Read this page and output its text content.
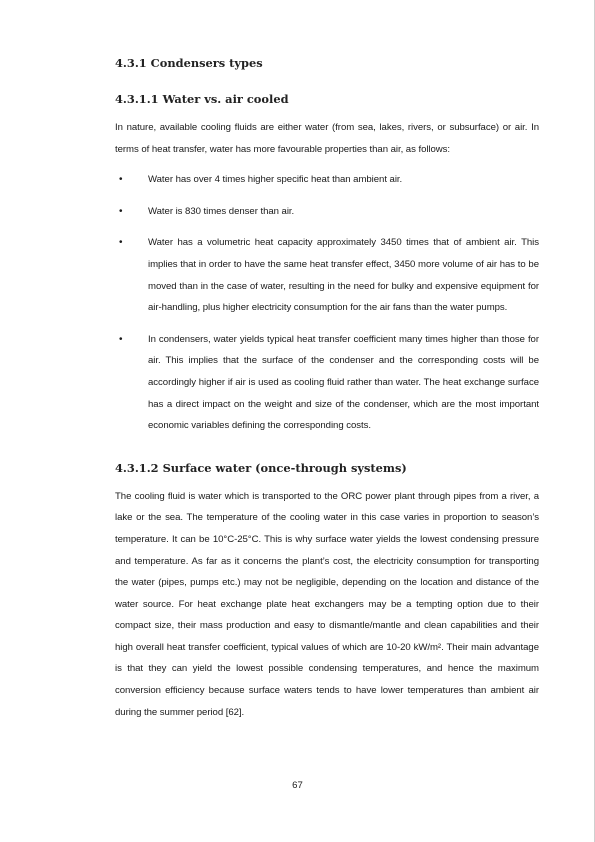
4.3.1 Condensers types
4.3.1.1 Water vs. air cooled

In nature, available cooling fluids are either water (from sea, lakes, rivers, or subsurface) or air. In terms of heat transfer, water has more favourable properties than air, as follows:

•	Water has over 4 times higher specific heat than ambient air.
•	Water is 830 times denser than air.
•	Water has a volumetric heat capacity approximately 3450 times that of ambient air. This implies that in order to have the same heat transfer effect, 3450 more volume of air has to be moved than in the case of water, resulting in the need for bulky and expensive equipment for air-handling, plus higher electricity consumption for the air fans than the water pumps.
•	In condensers, water yields typical heat transfer coefficient many times higher than those for air. This implies that the surface of the condenser and the corresponding costs will be accordingly higher if air is used as cooling fluid rather than water. The heat exchange surface has a direct impact on the weight and size of the condenser, which are the most important economic variables defining the corresponding costs.
4.3.1.2 Surface water (once-through systems)

The cooling fluid is water which is transported to the ORC power plant through pipes from a river, a lake or the sea. The temperature of the cooling water in this case varies in proportion to season’s temperature. It can be 10°C-25°C. This is why surface water yields the lowest condensing pressure and temperature. As far as it concerns the plant’s cost, the electricity consumption for transporting the water (pipes, pumps etc.) may not be negligible, depending on the location and distance of the water source. For heat exchange plate heat exchangers may be a tempting option due to their compact size, their mass production and easy to dismantle/mantle and clean capabilities and their high overall heat transfer coefficient, typical values of which are 10-20 kW/m². Their main advantage is that they can yield the lowest possible condensing temperatures, and hence the maximum conversion efficiency because surface waters tends to have lower temperatures than ambient air during the summer period [62].

67
